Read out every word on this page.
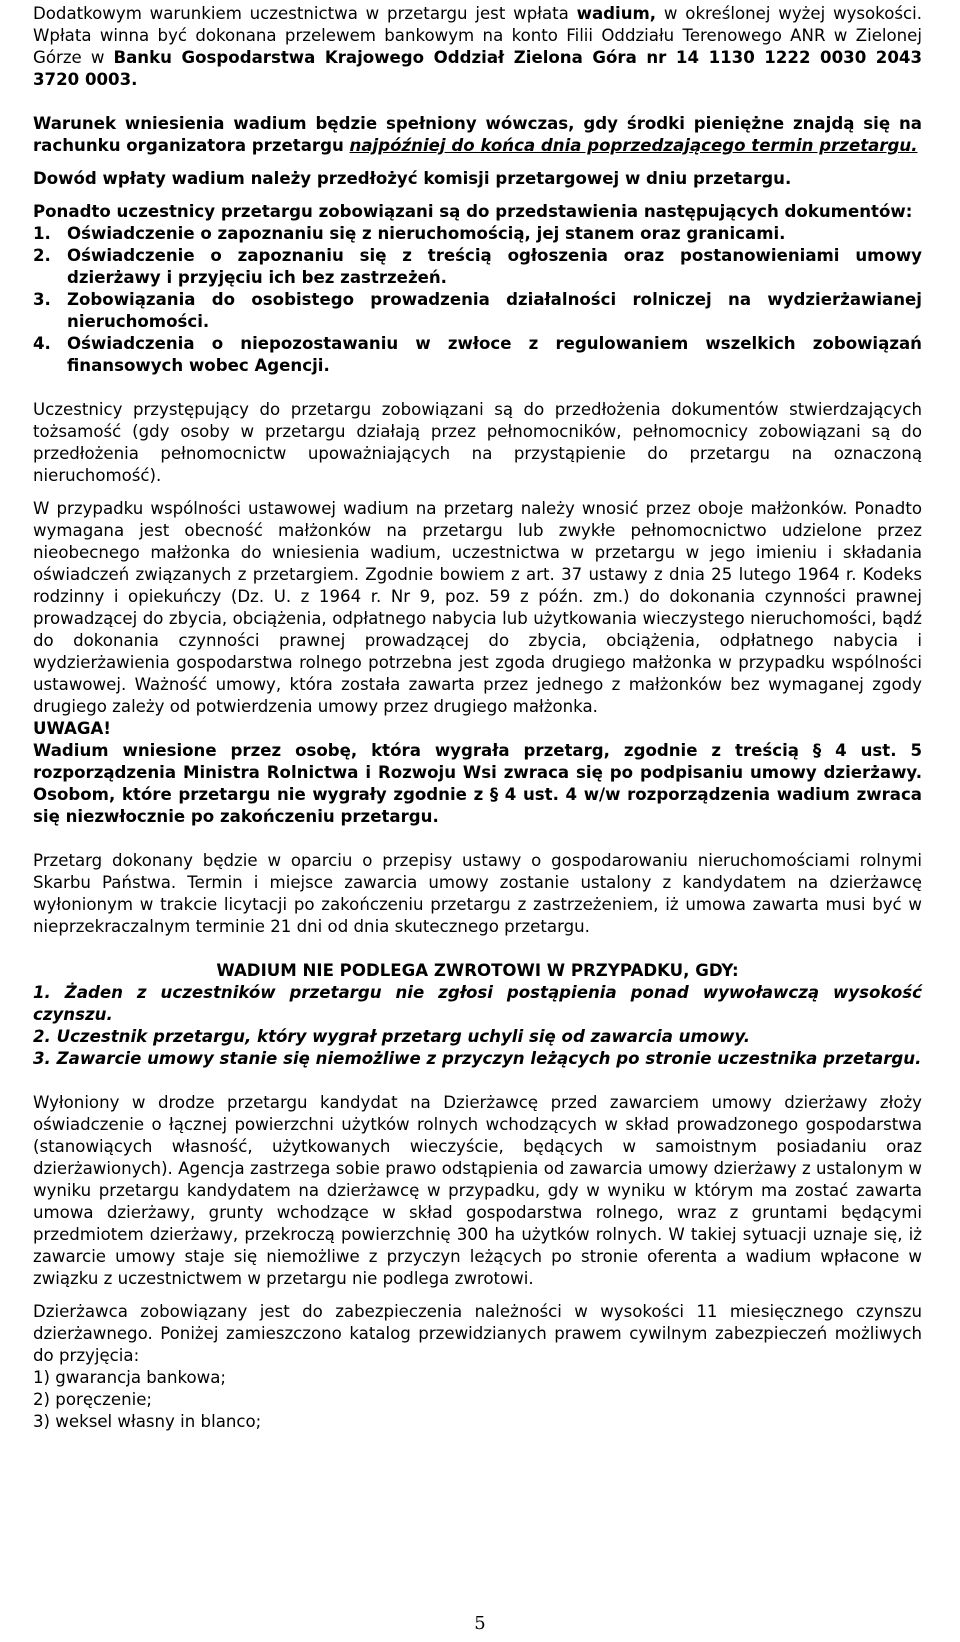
Dodatkowym warunkiem uczestnictwa w przetargu jest wpłata wadium, w określonej wyżej wysokości. Wpłata winna być dokonana przelewem bankowym na konto Filii Oddziału Terenowego ANR w Zielonej Górze w Banku Gospodarstwa Krajowego Oddział Zielona Góra nr 14 1130 1222 0030 2043 3720 0003.

Warunek wniesienia wadium będzie spełniony wówczas, gdy środki pieniężne znajdą się na rachunku organizatora przetargu najpóźniej do końca dnia poprzedzającego termin przetargu.

Dowód wpłaty wadium należy przedłożyć komisji przetargowej w dniu przetargu.

Ponadto uczestnicy przetargu zobowiązani są do przedstawienia następujących dokumentów:

1. Oświadczenie o zapoznaniu się z nieruchomością, jej stanem oraz granicami.
2. Oświadczenie o zapoznaniu się z treścią ogłoszenia oraz postanowieniami umowy dzierżawy i przyjęciu ich bez zastrzeżeń.
3. Zobowiązania do osobistego prowadzenia działalności rolniczej na wydzierżawianej nieruchomości.
4. Oświadczenia o niepozostawaniu w zwłoce z regulowaniem wszelkich zobowiązań finansowych wobec Agencji.

Uczestnicy przystępujący do przetargu zobowiązani są do przedłożenia dokumentów stwierdzających tożsamość (gdy osoby w przetargu działają przez pełnomocników, pełnomocnicy zobowiązani są do przedłożenia pełnomocnictw upoważniających na przystąpienie do przetargu na oznaczoną nieruchomość).

W przypadku wspólności ustawowej wadium na przetarg należy wnosić przez oboje małżonków. Ponadto wymagana jest obecność małżonków na przetargu lub zwykłe pełnomocnictwo udzielone przez nieobecnego małżonka do wniesienia wadium, uczestnictwa w przetargu w jego imieniu i składania oświadczeń związanych z przetargiem. Zgodnie bowiem z art. 37 ustawy z dnia 25 lutego 1964 r. Kodeks rodzinny i opiekuńczy (Dz. U. z 1964 r. Nr 9, poz. 59 z późn. zm.) do dokonania czynności prawnej prowadzącej do zbycia, obciążenia, odpłatnego nabycia lub użytkowania wieczystego nieruchomości, bądź do dokonania czynności prawnej prowadzącej do zbycia, obciążenia, odpłatnego nabycia i wydzierżawienia gospodarstwa rolnego potrzebna jest zgoda drugiego małżonka w przypadku wspólności ustawowej. Ważność umowy, która została zawarta przez jednego z małżonków bez wymaganej zgody drugiego zależy od potwierdzenia umowy przez drugiego małżonka.

UWAGA!

Wadium wniesione przez osobę, która wygrała przetarg, zgodnie z treścią § 4 ust. 5 rozporządzenia Ministra Rolnictwa i Rozwoju Wsi zwraca się po podpisaniu umowy dzierżawy. Osobom, które przetargu nie wygrały zgodnie z § 4 ust. 4 w/w rozporządzenia wadium zwraca się niezwłocznie po zakończeniu przetargu.

Przetarg dokonany będzie w oparciu o przepisy ustawy o gospodarowaniu nieruchomościami rolnymi Skarbu Państwa. Termin i miejsce zawarcia umowy zostanie ustalony z kandydatem na dzierżawcę wyłonionym w trakcie licytacji po zakończeniu przetargu z zastrzeżeniem, iż umowa zawarta musi być w nieprzekraczalnym terminie 21 dni od dnia skutecznego przetargu.

WADIUM NIE PODLEGA ZWROTOWI W PRZYPADKU, GDY:

1. Żaden z uczestników przetargu nie zgłosi postąpienia ponad wywoławczą wysokość czynszu.

2. Uczestnik przetargu, który wygrał przetarg uchyli się od zawarcia umowy.

3. Zawarcie umowy stanie się niemożliwe z przyczyn leżących po stronie uczestnika przetargu.

Wyłoniony w drodze przetargu kandydat na Dzierżawcę przed zawarciem umowy dzierżawy złoży oświadczenie o łącznej powierzchni użytków rolnych wchodzących w skład prowadzonego gospodarstwa (stanowiących własność, użytkowanych wieczyście, będących w samoistnym posiadaniu oraz dzierżawionych). Agencja zastrzega sobie prawo odstąpienia od zawarcia umowy dzierżawy z ustalonym w wyniku przetargu kandydatem na dzierżawcę w przypadku, gdy w wyniku w którym ma zostać zawarta umowa dzierżawy, grunty wchodzące w skład gospodarstwa rolnego, wraz z gruntami będącymi przedmiotem dzierżawy, przekroczą powierzchnię 300 ha użytków rolnych. W takiej sytuacji uznaje się, iż zawarcie umowy staje się niemożliwe z przyczyn leżących po stronie oferenta a wadium wpłacone w związku z uczestnictwem w przetargu nie podlega zwrotowi.

Dzierżawca zobowiązany jest do zabezpieczenia należności w wysokości 11 miesięcznego czynszu dzierżawnego. Poniżej zamieszczono katalog przewidzianych prawem cywilnym zabezpieczeń możliwych do przyjęcia:

1) gwarancja bankowa;

2) poręczenie;

3) weksel własny in blanco;

5
